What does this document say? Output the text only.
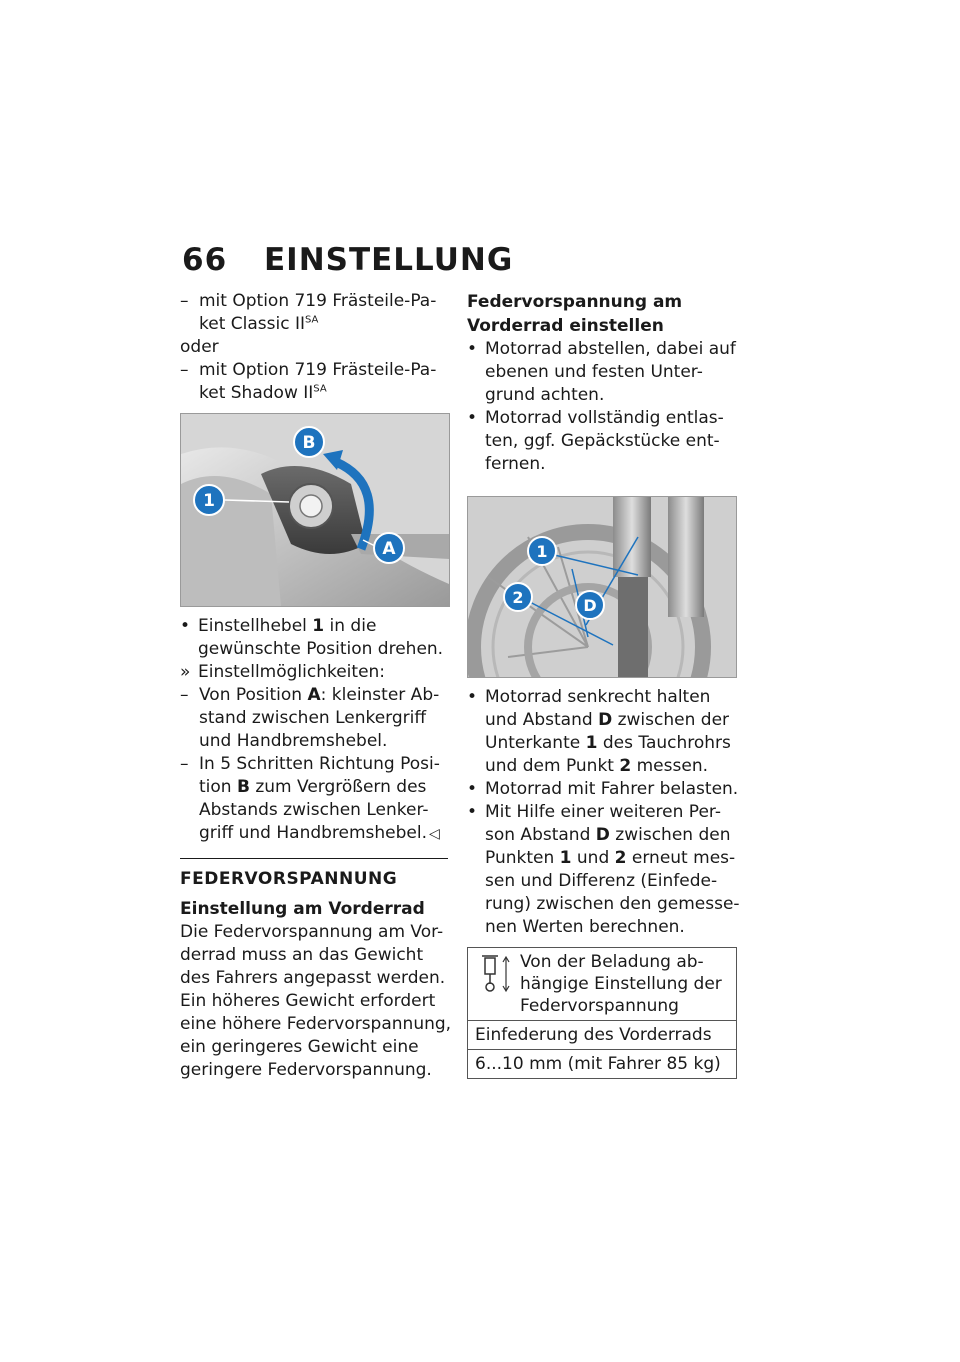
66 EINSTELLUNG

– mit Option 719 Frästeile-Pa-ket Classic $II^{SA}$

oder

– mit Option 719 Frästeile-Pa-ket Shadow $II^{SA}$

1
B
A

• Einstellhebel 1 in die gewünschte Position drehen.

» Einstellmöglichkeiten:

– Von Position A: kleinster Ab-stand zwischen Lenkergriff und Handbremshebel.

– In 5 Schritten Richtung Posi-tion B zum Vergrößern des Abstands zwischen Lenker-griff und Handbremshebel. ◁

FEDERVORSPANNUNG

Einstellung am Vorderrad

Die Federvorspannung am Vor-derrad muss an das Gewicht des Fahrers angepasst werden. Ein höheres Gewicht erfordert eine höhere Federvorspannung, ein geringeres Gewicht eine geringere Federvorspannung.

Federvorspannung am Vorderrad einstellen

• Motorrad abstellen, dabei auf ebenen und festen Unter-grund achten.

• Motorrad vollständig entlas-ten, ggf. Gepäckstücke ent-fernen.

1
2	D

• Motorrad senkrecht halten und Abstand D zwischen der Unterkante 1 des Tauchrohrs und dem Punkt 2 messen.

• Motorrad mit Fahrer belasten.

• Mit Hilfe einer weiteren Per-son Abstand D zwischen den Punkten 1 und 2 erneut mes-sen und Differenz (Einfede-rung) zwischen den gemesse-nen Werten berechnen.

Von der Beladung ab-hängige Einstellung der Federvorspannung
Einfederung des Vorderrads
6...10 mm (mit Fahrer 85 kg)
